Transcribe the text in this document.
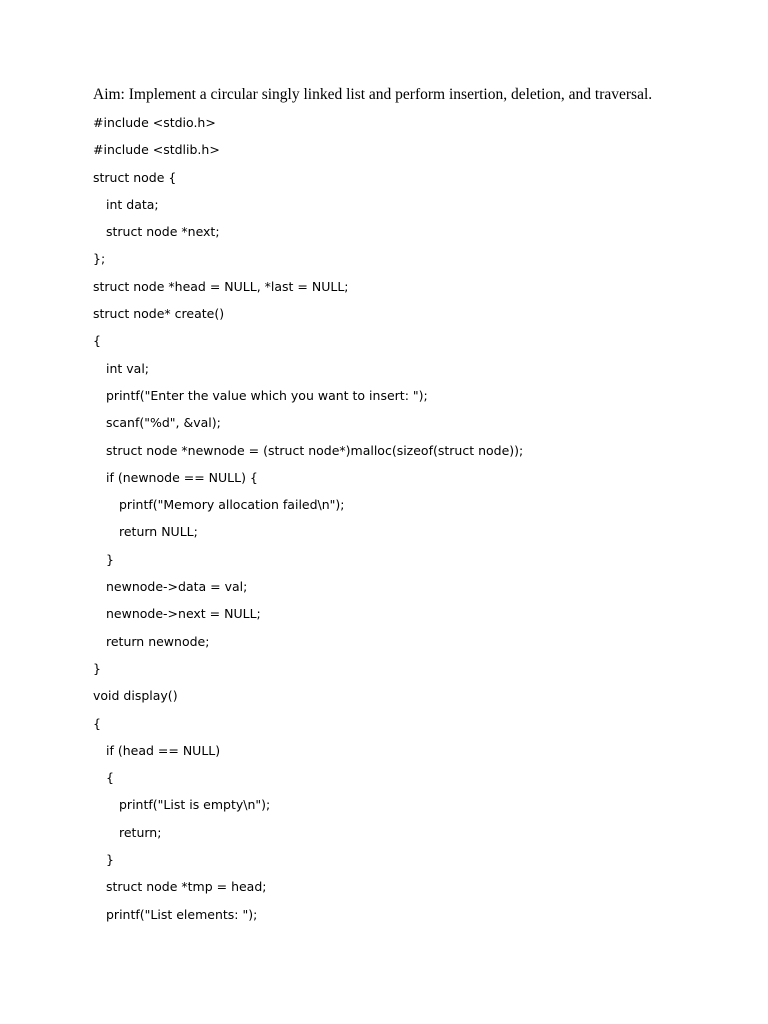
Aim: Implement a circular singly linked list and perform insertion, deletion, and traversal.
#include <stdio.h>
#include <stdlib.h>
struct node {
int data;
struct node *next;
};
struct node *head = NULL, *last = NULL;
struct node* create()
{
int val;
printf("Enter the value which you want to insert: ");
scanf("%d", &val);
struct node *newnode = (struct node*)malloc(sizeof(struct node));
if (newnode == NULL) {
printf("Memory allocation failed\n");
return NULL;
}
newnode->data = val;
newnode->next = NULL;
return newnode;
}
void display()
{
if (head == NULL)
{
printf("List is empty\n");
return;
}
struct node *tmp = head;
printf("List elements: ");
